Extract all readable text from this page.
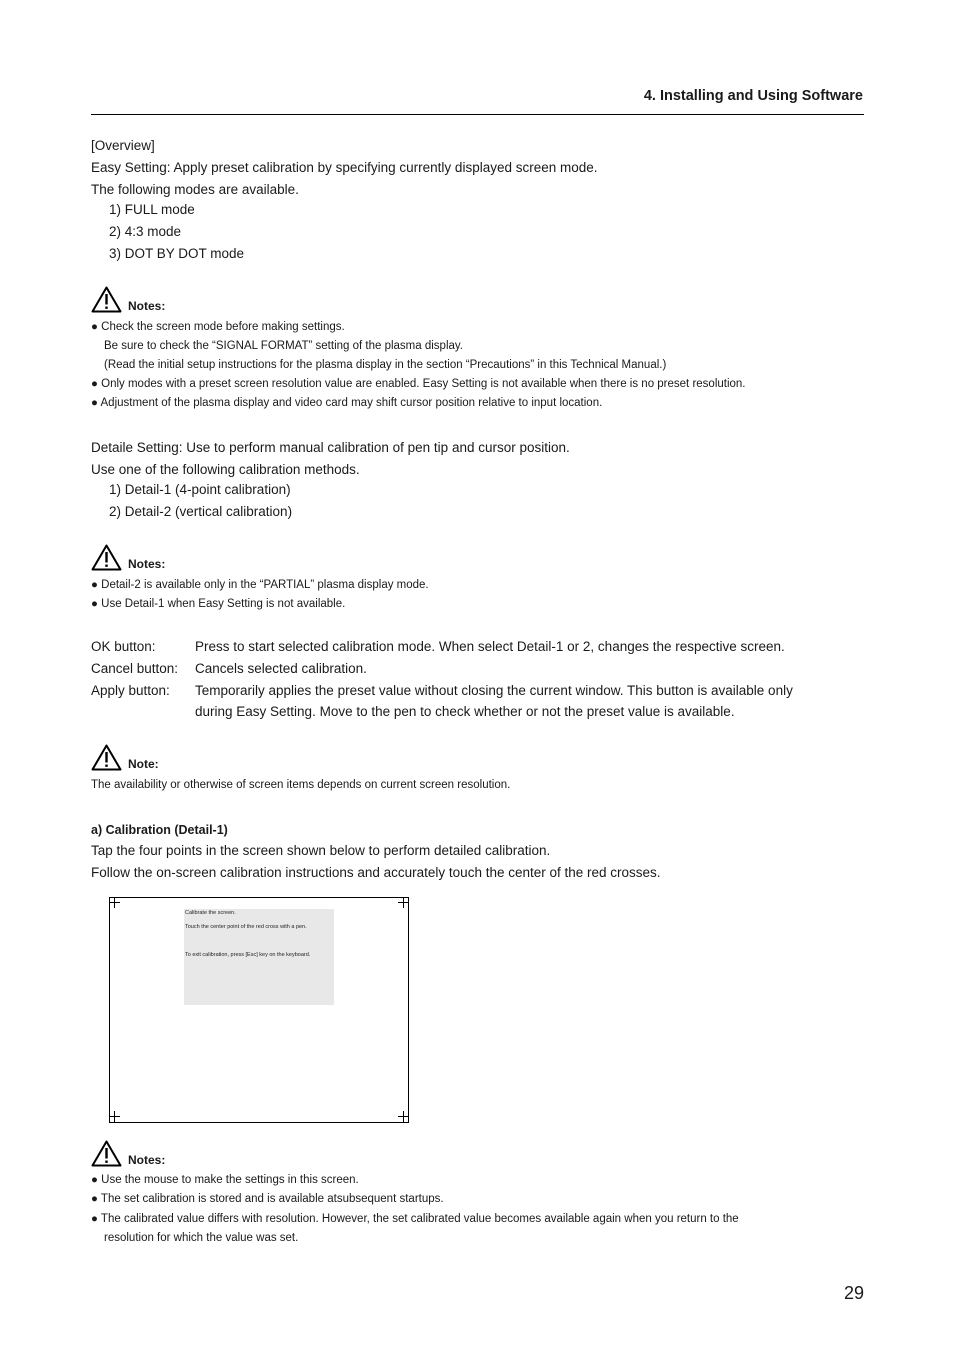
4. Installing and Using Software
[Overview]
Easy Setting: Apply preset calibration by specifying currently displayed screen mode.
The following modes are available.
1) FULL mode
2) 4:3 mode
3) DOT BY DOT mode
Notes:
● Check the screen mode before making settings.
Be sure to check the “SIGNAL FORMAT” setting of the plasma display.
(Read the initial setup instructions for the plasma display in the section “Precautions” in this Technical Manual.)
● Only modes with a preset screen resolution value are enabled. Easy Setting is not available when there is no preset resolution.
● Adjustment of the plasma display and video card may shift cursor position relative to input location.
Detaile Setting: Use to perform manual calibration of pen tip and cursor position.
Use one of the following calibration methods.
1) Detail-1 (4-point calibration)
2) Detail-2 (vertical calibration)
Notes:
● Detail-2 is available only in the “PARTIAL” plasma display mode.
● Use Detail-1 when Easy Setting is not available.
OK button:	Press to start selected calibration mode. When select Detail-1 or 2, changes the respective screen.
Cancel button: Cancels selected calibration.
Apply button: Temporarily applies the preset value without closing the current window. This button is available only
during Easy Setting. Move to the pen to check whether or not the preset value is available.
Note:
The availability or otherwise of screen items depends on current screen resolution.
a) Calibration (Detail-1)
Tap the four points in the screen shown below to perform detailed calibration.
Follow the on-screen calibration instructions and accurately touch the center of the red crosses.
Calibrate the screen.
Touch the center point of the red cross with a pen.
To exit calibration, press [Esc] key on the keyboard.
Notes:
● Use the mouse to make the settings in this screen.
● The set calibration is stored and is available atsubsequent startups.
● The calibrated value differs with resolution. However, the set calibrated value becomes available again when you return to the
resolution for which the value was set.
29
